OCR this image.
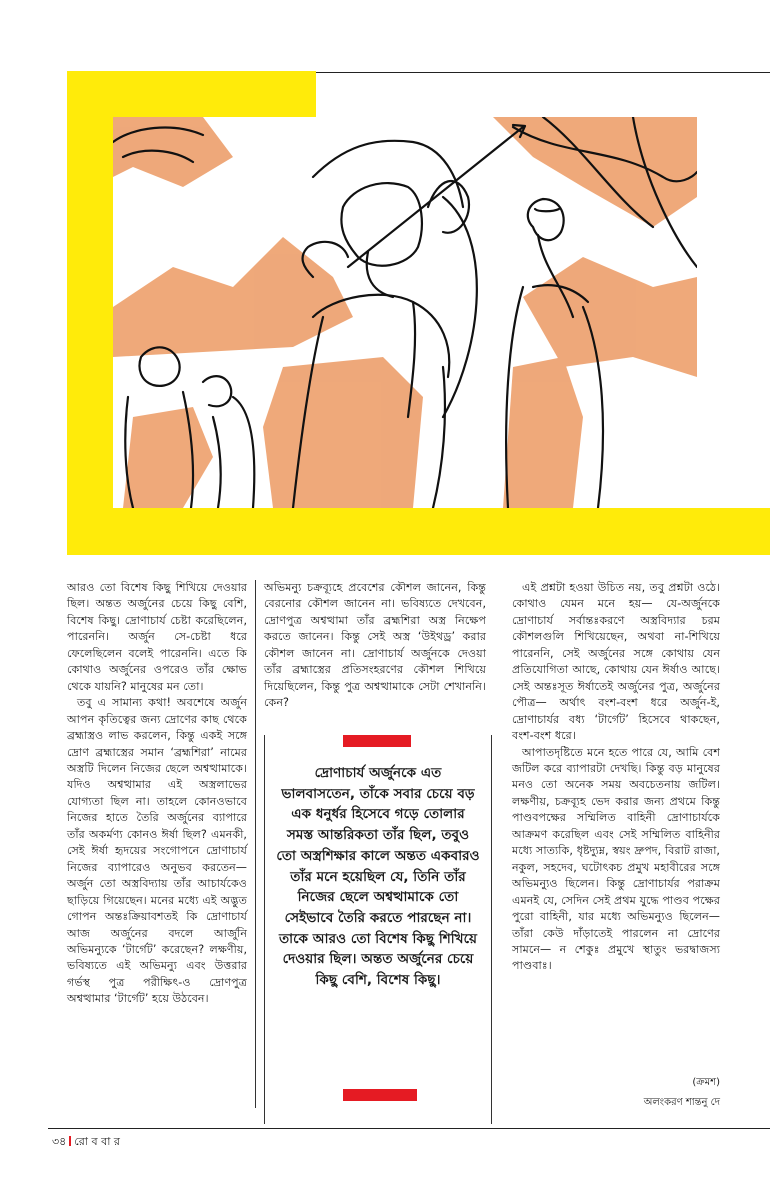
আরও তো বিশেষ কিছু শিখিয়ে দেওয়ার ছিল। অন্তত অর্জুনের চেয়ে কিছু বেশি, বিশেষ কিছু। দ্রোণাচার্য চেষ্টা করেছিলেন, পারেননি। অর্জুন সে-চেষ্টা ধরে ফেলেছিলেন বলেই পারেননি। এতে কি কোথাও অর্জুনের ওপরেও তাঁর ক্ষোভ থেকে যায়নি? মানুষের মন তো।

তবু এ সামান্য কথা! অবশেষে অর্জুন আপন কৃতিত্বের জন্য দ্রোণের কাছ থেকে ব্রহ্মাস্ত্রও লাভ করলেন, কিন্তু একই সঙ্গে দ্রোণ ব্রহ্মাস্ত্রের সমান ‘ব্রহ্মশিরা’ নামের অস্ত্রটি দিলেন নিজের ছেলে অশ্বত্থামাকে। যদিও অশ্বত্থামার এই অস্ত্রলাভের যোগ্যতা ছিল না। তাহলে কোনওভাবে নিজের হাতে তৈরি অর্জুনের ব্যাপারে তাঁর অকর্মণ্য কোনও ঈর্ষা ছিল? এমনকী, সেই ঈর্ষা হৃদয়ের সংগোপনে দ্রোণাচার্য নিজের ব্যাপারেও অনুভব করতেন— অর্জুন তো অস্ত্রবিদ্যায় তাঁর আচার্যকেও ছাড়িয়ে গিয়েছেন। মনের মধ্যে এই অদ্ভুত গোপন অন্তঃক্রিয়াবশতই কি দ্রোণাচার্য আজ অর্জুনের বদলে আর্জুনি অভিমন্যুকে ‘টার্গেট’ করেছেন? লক্ষণীয়, ভবিষ্যতে এই অভিমন্যু এবং উত্তরার গর্ভস্থ পুত্র পরীক্ষিৎ-ও দ্রোণপুত্র অশ্বত্থামার ‘টার্গেট’ হয়ে উঠবেন।

অভিমন্যু চক্রব্যূহে প্রবেশের কৌশল জানেন, কিন্তু বেরনোর কৌশল জানেন না। ভবিষ্যতে দেখবেন, দ্রোণপুত্র অশ্বত্থামা তাঁর ব্রহ্মশিরা অস্ত্র নিক্ষেপ করতে জানেন। কিন্তু সেই অস্ত্র ‘উইথড্র’ করার কৌশল জানেন না। দ্রোণাচার্য অর্জুনকে দেওয়া তাঁর ব্রহ্মাস্ত্রের প্রতিসংহরণের কৌশল শিখিয়ে দিয়েছিলেন, কিন্তু পুত্র অশ্বত্থামাকে সেটা শেখাননি। কেন?

দ্রোণাচার্য অর্জুনকে এত ভালবাসতেন, তাঁকে সবার চেয়ে বড় এক ধনুর্ধর হিসেবে গড়ে তোলার সমস্ত আন্তরিকতা তাঁর ছিল, তবুও তো অস্ত্রশিক্ষার কালে অন্তত একবারও তাঁর মনে হয়েছিল যে, তিনি তাঁর নিজের ছেলে অশ্বত্থামাকে তো সেইভাবে তৈরি করতে পারছেন না। তাকে আরও তো বিশেষ কিছু শিখিয়ে দেওয়ার ছিল। অন্তত অর্জুনের চেয়ে কিছু বেশি, বিশেষ কিছু।

এই প্রশ্নটা হওয়া উচিত নয়, তবু প্রশ্নটা ওঠে। কোথাও যেমন মনে হয়— যে-অর্জুনকে দ্রোণাচার্য সর্বান্তঃকরণে অস্ত্রবিদ্যার চরম কৌশলগুলি শিখিয়েছেন, অথবা না-শিখিয়ে পারেননি, সেই অর্জুনের সঙ্গে কোথায় যেন প্রতিযোগিতা আছে, কোথায় যেন ঈর্ষাও আছে। সেই অন্তঃসূত ঈর্ষাতেই অর্জুনের পুত্র, অর্জুনের পৌত্র— অর্থাৎ বংশ-বংশ ধরে অর্জুন-ই, দ্রোণাচার্যর বধ্য ‘টার্গেট’ হিসেবে থাকছেন, বংশ-বংশ ধরে।

আপাতদৃষ্টিতে মনে হতে পারে যে, আমি বেশ জটিল করে ব্যাপারটা দেখছি। কিন্তু বড় মানুষের মনও তো অনেক সময় অবচেতনায় জটিল। লক্ষণীয়, চক্রব্যূহ ভেদ করার জন্য প্রথমে কিন্তু পাণ্ডবপক্ষের সম্মিলিত বাহিনী দ্রোণাচার্যকে আক্রমণ করেছিল এবং সেই সম্মিলিত বাহিনীর মধ্যে সাত্যকি, ধৃষ্টদ্যুম্ন, স্বয়ং দ্রুপদ, বিরাট রাজা, নকুল, সহদেব, ঘটোৎকচ প্রমুখ মহাবীরের সঙ্গে অভিমন্যুও ছিলেন। কিন্তু দ্রোণাচার্যর পরাক্রম এমনই যে, সেদিন সেই প্রথম যুদ্ধে পাণ্ডব পক্ষের পুরো বাহিনী, যার মধ্যে অভিমন্যুও ছিলেন— তাঁরা কেউ দাঁড়াতেই পারলেন না দ্রোণের সামনে— ন শেকুঃ প্রমুখে স্থাতুং ভরদ্বাজস্য পাণ্ডবাঃ।

(ক্রমশ)
অলংকরণ শান্তনু দে
৩৪ রো ব বা র
